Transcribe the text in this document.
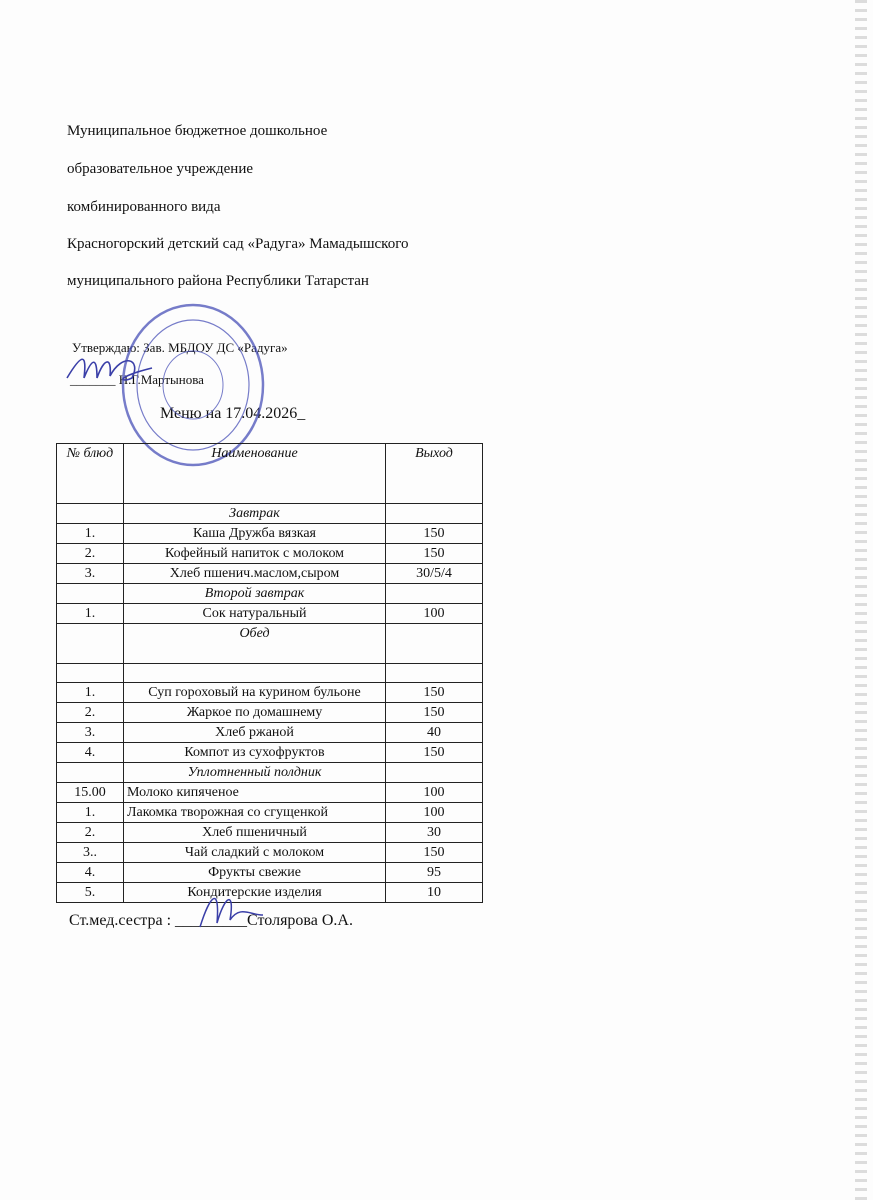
Муниципальное бюджетное дошкольное
образовательное учреждение
комбинированного вида
Красногорский детский сад «Радуга» Мамадышского
муниципального района Республики Татарстан
Утверждаю: Зав. МБДОУ ДС «Радуга»
_______ Н.Г.Мартынова
Меню на 17.04.2026_
№ блюд	Наименование	Выход
	Завтрак	
1.	Каша Дружба вязкая	150
2.	Кофейный напиток с молоком	150
3.	Хлеб пшенич.маслом,сыром	30/5/4
	Второй завтрак	
1.	Сок натуральный	100
	Обед	

1.	Суп гороховый на курином бульоне	150
2.	Жаркое по домашнему	150
3.	Хлеб ржаной	40
4.	Компот из сухофруктов	150
	Уплотненный полдник	
15.00	Молоко кипяченое	100
1.	Лакомка творожная со сгущенкой	100
2.	Хлеб пшеничный	30
3..	Чай сладкий с молоком	150
4.	Фрукты свежие	95
5.	Кондитерские изделия	10
Ст.мед.сестра : _________Столярова О.А.
